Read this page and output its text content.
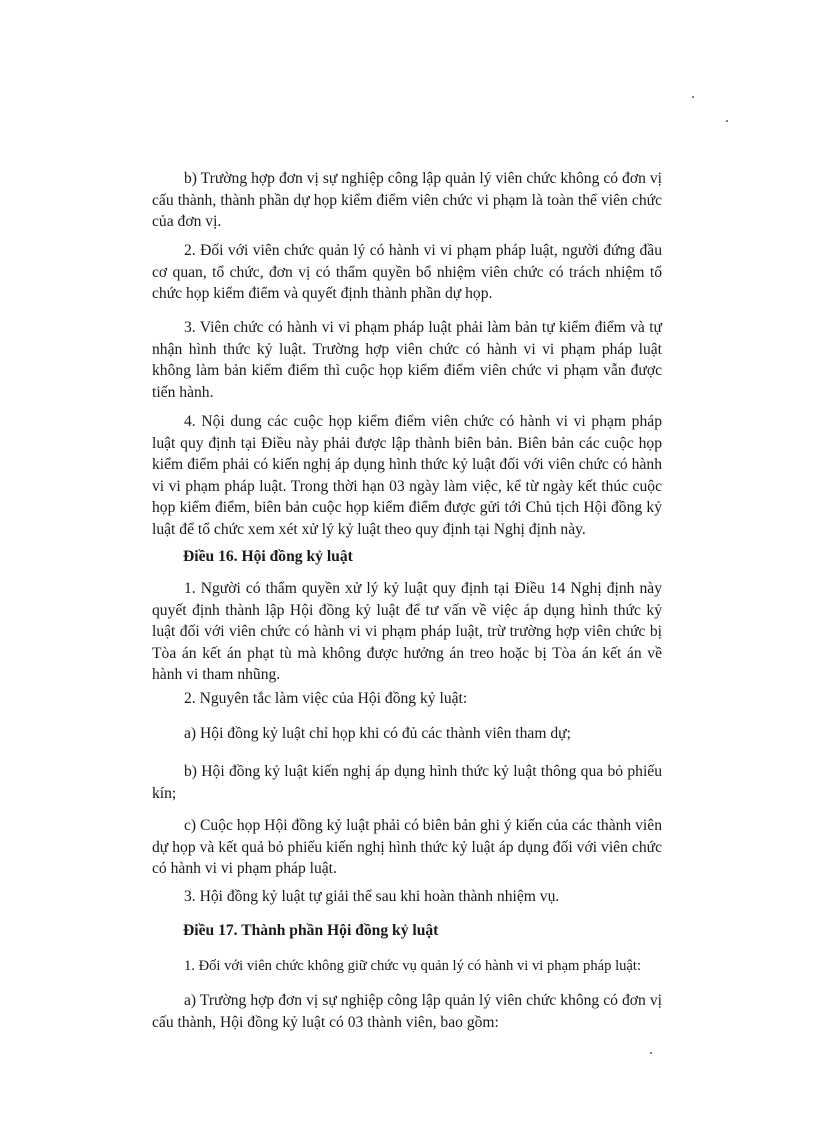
b) Trường hợp đơn vị sự nghiệp công lập quản lý viên chức không có đơn vị cấu thành, thành phần dự họp kiểm điểm viên chức vi phạm là toàn thể viên chức của đơn vị.

2. Đối với viên chức quản lý có hành vi vi phạm pháp luật, người đứng đầu cơ quan, tổ chức, đơn vị có thẩm quyền bổ nhiệm viên chức có trách nhiệm tổ chức họp kiểm điểm và quyết định thành phần dự họp.

3. Viên chức có hành vi vi phạm pháp luật phải làm bản tự kiểm điểm và tự nhận hình thức kỷ luật. Trường hợp viên chức có hành vi vi phạm pháp luật không làm bản kiểm điểm thì cuộc họp kiểm điểm viên chức vi phạm vẫn được tiến hành.

4. Nội dung các cuộc họp kiểm điểm viên chức có hành vi vi phạm pháp luật quy định tại Điều này phải được lập thành biên bản. Biên bản các cuộc họp kiểm điểm phải có kiến nghị áp dụng hình thức kỷ luật đối với viên chức có hành vi vi phạm pháp luật. Trong thời hạn 03 ngày làm việc, kể từ ngày kết thúc cuộc họp kiểm điểm, biên bản cuộc họp kiểm điểm được gửi tới Chủ tịch Hội đồng kỷ luật để tổ chức xem xét xử lý kỷ luật theo quy định tại Nghị định này.

Điều 16. Hội đồng kỷ luật

1. Người có thẩm quyền xử lý kỷ luật quy định tại Điều 14 Nghị định này quyết định thành lập Hội đồng kỷ luật để tư vấn về việc áp dụng hình thức kỷ luật đối với viên chức có hành vi vi phạm pháp luật, trừ trường hợp viên chức bị Tòa án kết án phạt tù mà không được hưởng án treo hoặc bị Tòa án kết án về hành vi tham nhũng.

2. Nguyên tắc làm việc của Hội đồng kỷ luật:

a) Hội đồng kỷ luật chỉ họp khi có đủ các thành viên tham dự;

b) Hội đồng kỷ luật kiến nghị áp dụng hình thức kỷ luật thông qua bỏ phiếu kín;

c) Cuộc họp Hội đồng kỷ luật phải có biên bản ghi ý kiến của các thành viên dự họp và kết quả bỏ phiếu kiến nghị hình thức kỷ luật áp dụng đối với viên chức có hành vi vi phạm pháp luật.

3. Hội đồng kỷ luật tự giải thể sau khi hoàn thành nhiệm vụ.

Điều 17. Thành phần Hội đồng kỷ luật

1. Đối với viên chức không giữ chức vụ quản lý có hành vi vi phạm pháp luật:

a) Trường hợp đơn vị sự nghiệp công lập quản lý viên chức không có đơn vị cấu thành, Hội đồng kỷ luật có 03 thành viên, bao gồm:
